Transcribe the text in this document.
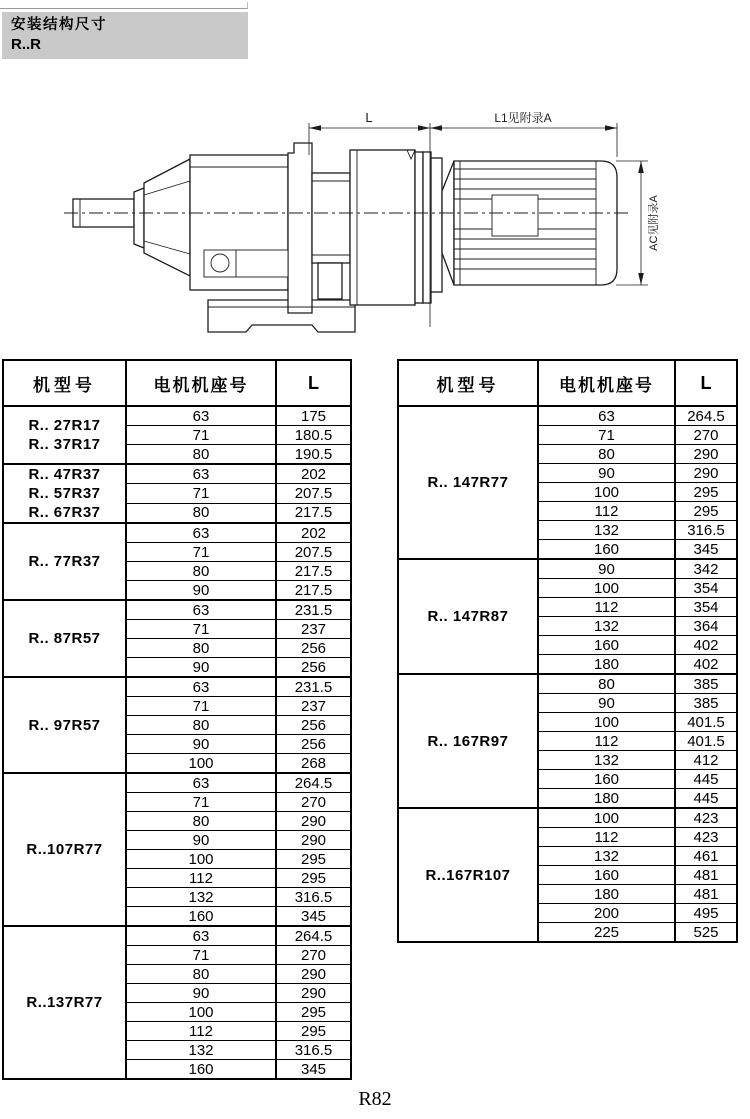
安装结构尺寸
R..R
L	L1见附录A
AC见附录A
机型号	电机机座号	L

R.. 27R17
R.. 37R17	63	175
	71	180.5
	80	190.5

R.. 47R37
R.. 57R37
R.. 67R37	63	202
	71	207.5
	80	217.5

R.. 77R37	63	202
	71	207.5
	80	217.5
	90	217.5

R.. 87R57	63	231.5
	71	237
	80	256
	90	256

R.. 97R57	63	231.5
	71	237
	80	256
	90	256
	100	268

R..107R77	63	264.5
	71	270
	80	290
	90	290
	100	295
	112	295
	132	316.5
	160	345

R..137R77	63	264.5
	71	270
	80	290
	90	290
	100	295
	112	295
	132	316.5
	160	345
机型号	电机机座号	L

R.. 147R77	63	264.5
	71	270
	80	290
	90	290
	100	295
	112	295
	132	316.5
	160	345

R.. 147R87	90	342
	100	354
	112	354
	132	364
	160	402
	180	402

R.. 167R97	80	385
	90	385
	100	401.5
	112	401.5
	132	412
	160	445
	180	445

R..167R107	100	423
	112	423
	132	461
	160	481
	180	481
	200	495
	225	525
R82
